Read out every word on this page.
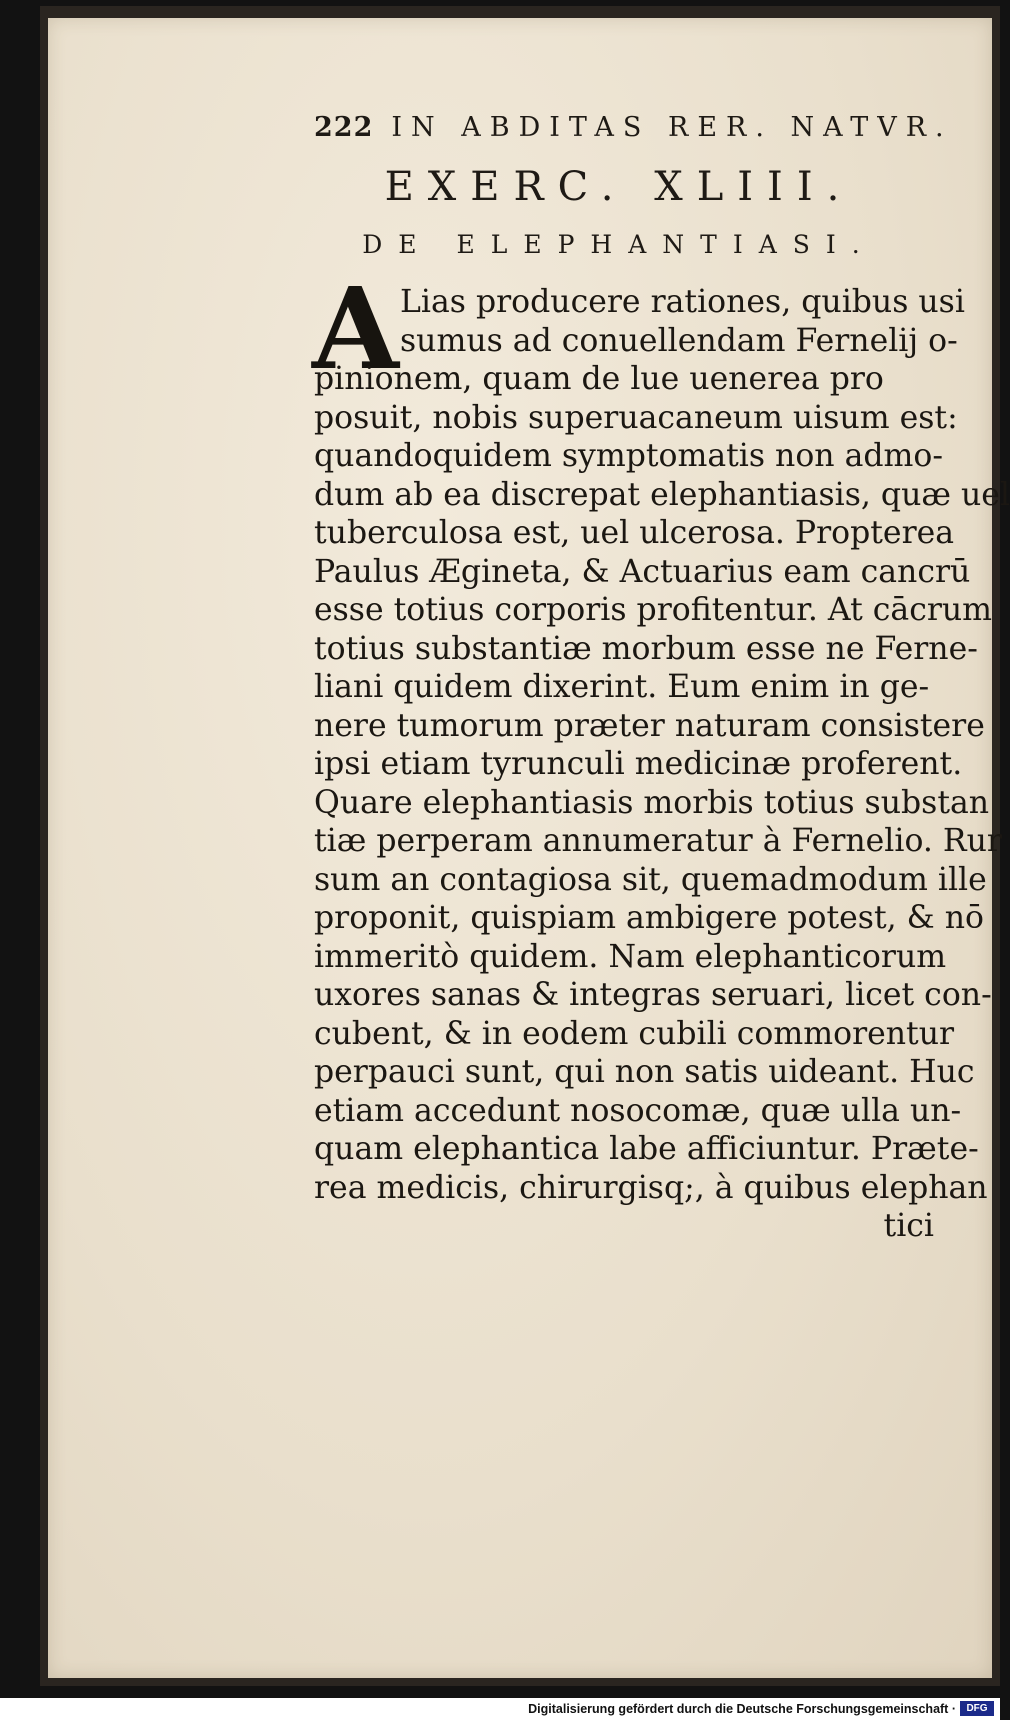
222 IN ABDITAS RER. NATVR.
EXERC. XLIII.
DE ELEPHANTIASI.
A Lias producere rationes, quibus usi
sumus ad conuellendam Fernelij o-
pinionem, quam de lue uenerea pro
posuit, nobis superuacaneum uisum est:
quandoquidem symptomatis non admo-
dum ab ea discrepat elephantiasis, quæ uel
tuberculosa est, uel ulcerosa. Propterea
Paulus Ægineta, & Actuarius eam cancrū
esse totius corporis profitentur. At cācrum
totius substantiæ morbum esse ne Ferne-
liani quidem dixerint. Eum enim in ge-
nere tumorum præter naturam consistere
ipsi etiam tyrunculi medicinæ proferent.
Quare elephantiasis morbis totius substan
tiæ perperam annumeratur à Fernelio. Rur
sum an contagiosa sit, quemadmodum ille
proponit, quispiam ambigere potest, & nō
immeritò quidem. Nam elephanticorum
uxores sanas & integras seruari, licet con-
cubent, & in eodem cubili commorentur
perpauci sunt, qui non satis uideant. Huc
etiam accedunt nosocomæ, quæ ulla un-
quam elephantica labe afficiuntur. Præte-
rea medicis, chirurgisq;, à quibus elephan
tici
Digitalisierung gefördert durch die Deutsche Forschungsgemeinschaft ·	DFG
